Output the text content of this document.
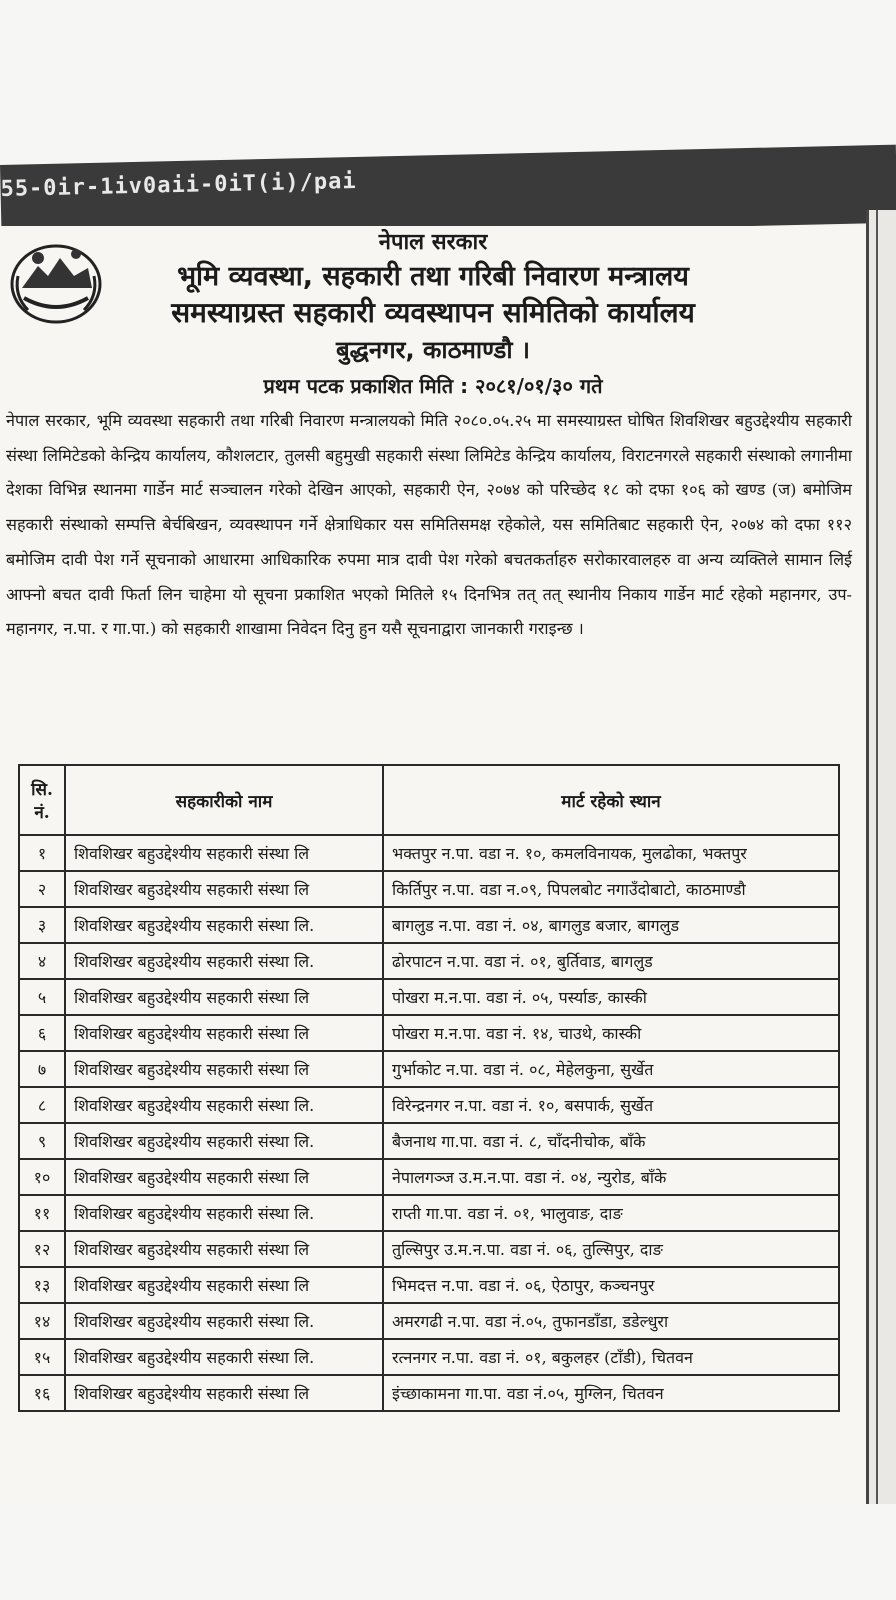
55-0ir-1iv0aii-0iT(i)/pai
नेपाल सरकार
भूमि व्यवस्था, सहकारी तथा गरिबी निवारण मन्त्रालय
समस्याग्रस्त सहकारी व्यवस्थापन समितिको कार्यालय
बुद्धनगर, काठमाण्डौ ।
प्रथम पटक प्रकाशित मिति : २०८१/०१/३० गते
नेपाल सरकार, भूमि व्यवस्था सहकारी तथा गरिबी निवारण मन्त्रालयको मिति २०८०.०५.२५ मा समस्याग्रस्त घोषित शिवशिखर बहुउद्देश्यीय सहकारी संस्था लिमिटेडको केन्द्रिय कार्यालय, कौशलटार, तुलसी बहुमुखी सहकारी संस्था लिमिटेड केन्द्रिय कार्यालय, विराटनगरले सहकारी संस्थाको लगानीमा देशका विभिन्न स्थानमा गार्डेन मार्ट सञ्चालन गरेको देखिन आएको, सहकारी ऐन, २०७४ को परिच्छेद १८ को दफा १०६ को खण्ड (ज) बमोजिम सहकारी संस्थाको सम्पत्ति बेर्चबिखन, व्यवस्थापन गर्ने क्षेत्राधिकार यस समितिसमक्ष रहेकोले, यस समितिबाट सहकारी ऐन, २०७४ को दफा ११२ बमोजिम दावी पेश गर्ने सूचनाको आधारमा आधिकारिक रुपमा मात्र दावी पेश गरेको बचतकर्ताहरु सरोकारवालहरु वा अन्य व्यक्तिले सामान लिई आफ्नो बचत दावी फिर्ता लिन चाहेमा यो सूचना प्रकाशित भएको मितिले १५ दिनभित्र तत् तत् स्थानीय निकाय गार्डेन मार्ट रहेको महानगर, उप-महानगर, न.पा. र गा.पा.) को सहकारी शाखामा निवेदन दिनु हुन यसै सूचनाद्वारा जानकारी गराइन्छ ।
सि. नं.	सहकारीको नाम	मार्ट रहेको स्थान
१	शिवशिखर बहुउद्देश्यीय सहकारी संस्था लि	भक्तपुर न.पा. वडा न. १०, कमलविनायक, मुलढोका, भक्तपुर
२	शिवशिखर बहुउद्देश्यीय सहकारी संस्था लि	किर्तिपुर न.पा. वडा न.०९, पिपलबोट नगाउँदोबाटो, काठमाण्डौ
३	शिवशिखर बहुउद्देश्यीय सहकारी संस्था लि.	बागलुड न.पा. वडा नं. ०४, बागलुड बजार, बागलुड
४	शिवशिखर बहुउद्देश्यीय सहकारी संस्था लि.	ढोरपाटन न.पा. वडा नं. ०१, बुर्तिवाड, बागलुड
५	शिवशिखर बहुउद्देश्यीय सहकारी संस्था लि	पोखरा म.न.पा. वडा नं. ०५, पर्स्याङ, कास्की
६	शिवशिखर बहुउद्देश्यीय सहकारी संस्था लि	पोखरा म.न.पा. वडा नं. १४, चाउथे, कास्की
७	शिवशिखर बहुउद्देश्यीय सहकारी संस्था लि	गुर्भाकोट न.पा. वडा नं. ०८, मेहेलकुना, सुर्खेत
८	शिवशिखर बहुउद्देश्यीय सहकारी संस्था लि.	विरेन्द्रनगर न.पा. वडा नं. १०, बसपार्क, सुर्खेत
९	शिवशिखर बहुउद्देश्यीय सहकारी संस्था लि.	बैजनाथ गा.पा. वडा नं. ८, चाँदनीचोक, बाँके
१०	शिवशिखर बहुउद्देश्यीय सहकारी संस्था लि	नेपालगञ्ज उ.म.न.पा. वडा नं. ०४, न्युरोड, बाँके
११	शिवशिखर बहुउद्देश्यीय सहकारी संस्था लि.	राप्ती गा.पा. वडा नं. ०१, भालुवाङ, दाङ
१२	शिवशिखर बहुउद्देश्यीय सहकारी संस्था लि	तुल्सिपुर उ.म.न.पा. वडा नं. ०६, तुल्सिपुर, दाङ
१३	शिवशिखर बहुउद्देश्यीय सहकारी संस्था लि	भिमदत्त न.पा. वडा नं. ०६, ऐठापुर, कञ्चनपुर
१४	शिवशिखर बहुउद्देश्यीय सहकारी संस्था लि.	अमरगढी न.पा. वडा नं.०५, तुफानडाँडा, डडेल्धुरा
१५	शिवशिखर बहुउद्देश्यीय सहकारी संस्था लि.	रत्ननगर न.पा. वडा नं. ०१, बकुलहर (टाँडी), चितवन
१६	शिवशिखर बहुउद्देश्यीय सहकारी संस्था लि	इंच्छाकामना गा.पा. वडा नं.०५, मुग्लिन, चितवन
